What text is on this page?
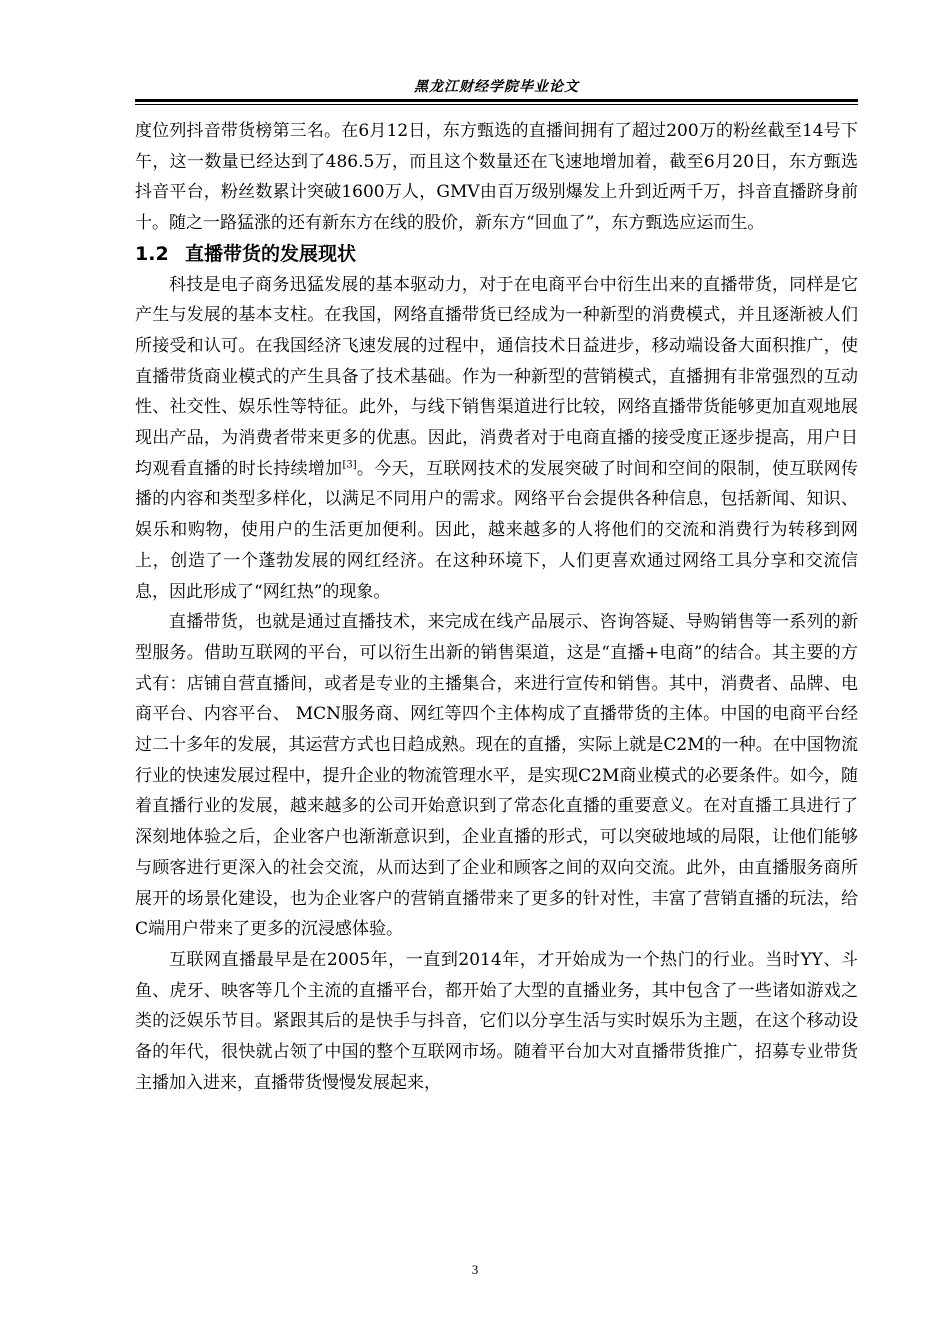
黑龙江财经学院毕业论文

度位列抖音带货榜第三名。在6月12日，东方甄选的直播间拥有了超过200万的粉丝截至14号下午，这一数量已经达到了486.5万，而且这个数量还在飞速地增加着，截至6月20日，东方甄选抖音平台，粉丝数累计突破1600万人，GMV由百万级别爆发上升到近两千万，抖音直播跻身前十。随之一路猛涨的还有新东方在线的股价，新东方“回血了”，东方甄选应运而生。

1.2 直播带货的发展现状

科技是电子商务迅猛发展的基本驱动力，对于在电商平台中衍生出来的直播带货，同样是它产生与发展的基本支柱。在我国，网络直播带货已经成为一种新型的消费模式，并且逐渐被人们所接受和认可。在我国经济飞速发展的过程中，通信技术日益进步，移动端设备大面积推广，使直播带货商业模式的产生具备了技术基础。作为一种新型的营销模式，直播拥有非常强烈的互动性、社交性、娱乐性等特征。此外，与线下销售渠道进行比较，网络直播带货能够更加直观地展现出产品，为消费者带来更多的优惠。因此，消费者对于电商直播的接受度正逐步提高，用户日均观看直播的时长持续增加[3]。今天，互联网技术的发展突破了时间和空间的限制，使互联网传播的内容和类型多样化，以满足不同用户的需求。网络平台会提供各种信息，包括新闻、知识、娱乐和购物，使用户的生活更加便利。因此，越来越多的人将他们的交流和消费行为转移到网上，创造了一个蓬勃发展的网红经济。在这种环境下，人们更喜欢通过网络工具分享和交流信息，因此形成了“网红热”的现象。

直播带货，也就是通过直播技术，来完成在线产品展示、咨询答疑、导购销售等一系列的新型服务。借助互联网的平台，可以衍生出新的销售渠道，这是“直播+电商”的结合。其主要的方式有：店铺自营直播间，或者是专业的主播集合，来进行宣传和销售。其中，消费者、品牌、电商平台、内容平台、 MCN服务商、网红等四个主体构成了直播带货的主体。中国的电商平台经过二十多年的发展，其运营方式也日趋成熟。现在的直播，实际上就是C2M的一种。在中国物流行业的快速发展过程中，提升企业的物流管理水平，是实现C2M商业模式的必要条件。如今，随着直播行业的发展，越来越多的公司开始意识到了常态化直播的重要意义。在对直播工具进行了深刻地体验之后，企业客户也渐渐意识到，企业直播的形式，可以突破地域的局限，让他们能够与顾客进行更深入的社会交流，从而达到了企业和顾客之间的双向交流。此外，由直播服务商所展开的场景化建设，也为企业客户的营销直播带来了更多的针对性，丰富了营销直播的玩法，给C端用户带来了更多的沉浸感体验。

互联网直播最早是在2005年，一直到2014年，才开始成为一个热门的行业。当时YY、斗鱼、虎牙、映客等几个主流的直播平台，都开始了大型的直播业务，其中包含了一些诸如游戏之类的泛娱乐节目。紧跟其后的是快手与抖音，它们以分享生活与实时娱乐为主题，在这个移动设备的年代，很快就占领了中国的整个互联网市场。随着平台加大对直播带货推广，招募专业带货主播加入进来，直播带货慢慢发展起来，

3
